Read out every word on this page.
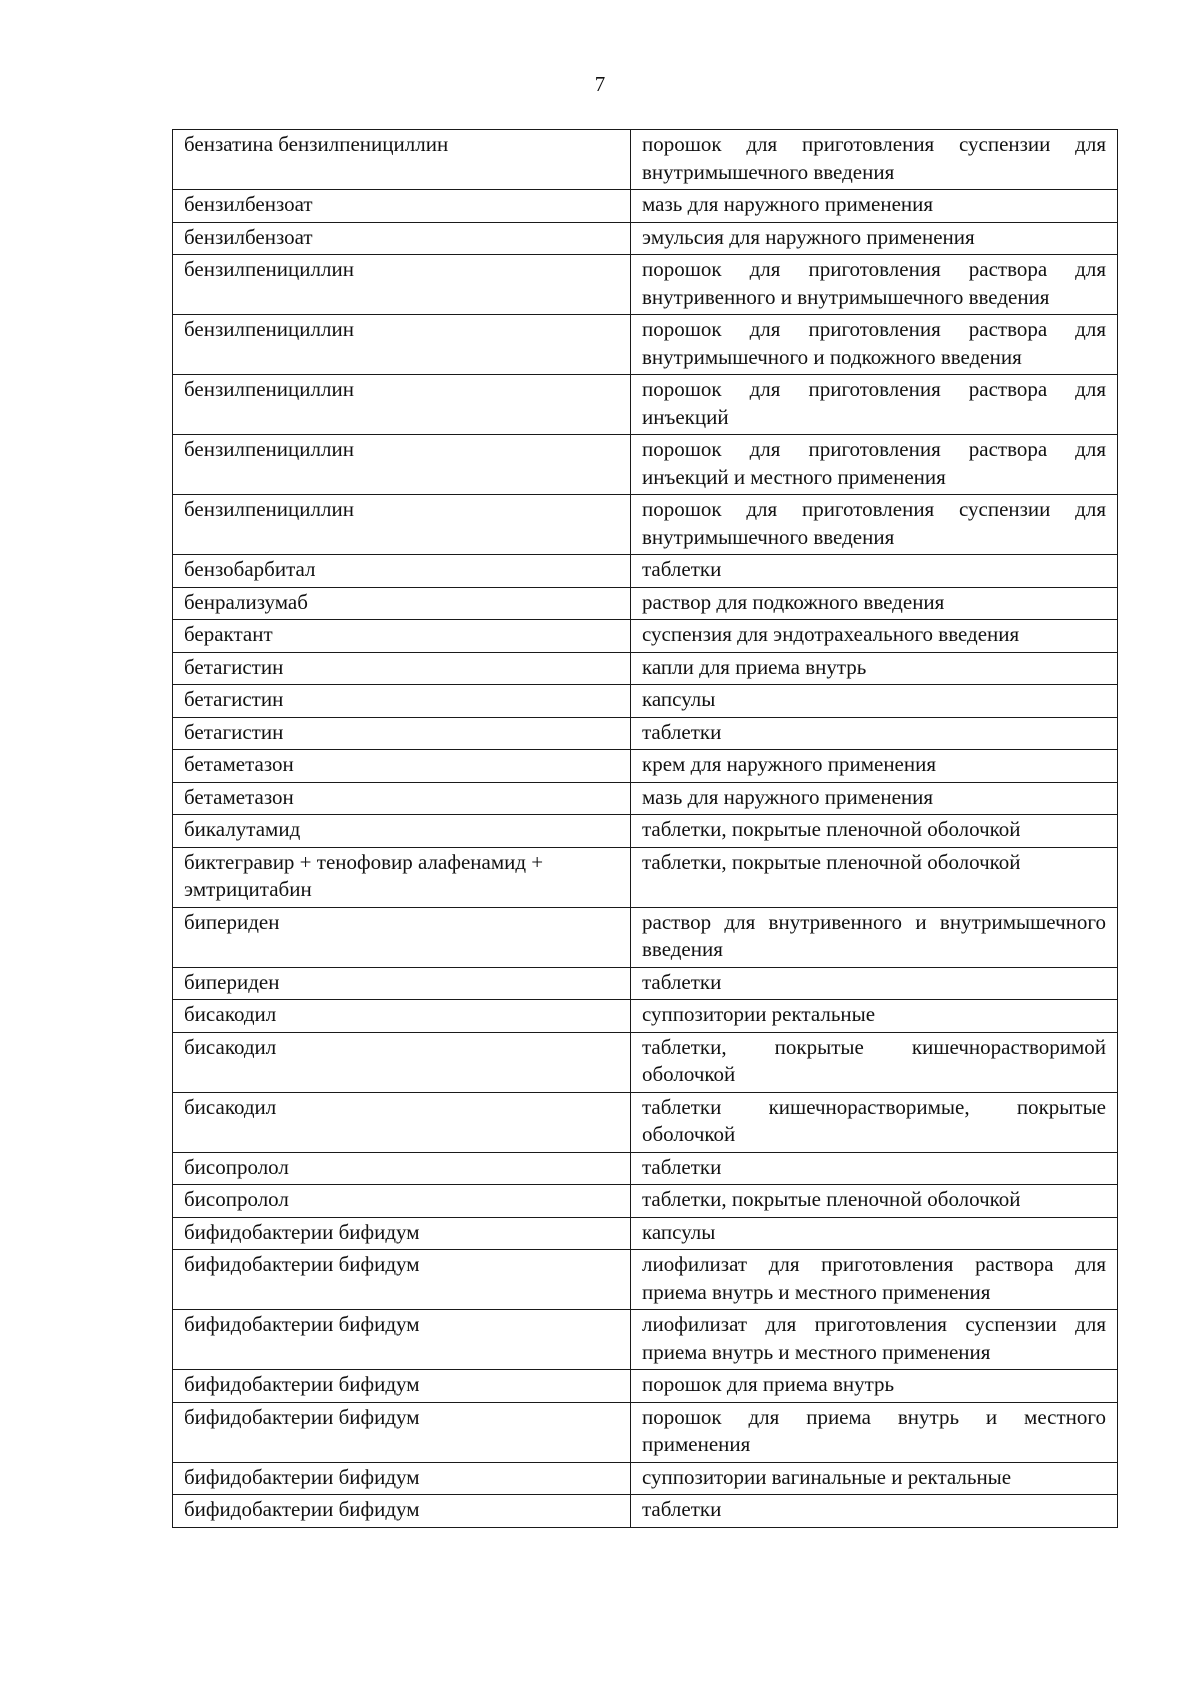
7
бензатина бензилпенициллин	порошок для приготовления суспензии для внутримышечного введения
бензилбензоат	мазь для наружного применения
бензилбензоат	эмульсия для наружного применения
бензилпенициллин	порошок для приготовления раствора для внутривенного и внутримышечного введения
бензилпенициллин	порошок для приготовления раствора для внутримышечного и подкожного введения
бензилпенициллин	порошок для приготовления раствора для инъекций
бензилпенициллин	порошок для приготовления раствора для инъекций и местного применения
бензилпенициллин	порошок для приготовления суспензии для внутримышечного введения
бензобарбитал	таблетки
бенрализумаб	раствор для подкожного введения
берактант	суспензия для эндотрахеального введения
бетагистин	капли для приема внутрь
бетагистин	капсулы
бетагистин	таблетки
бетаметазон	крем для наружного применения
бетаметазон	мазь для наружного применения
бикалутамид	таблетки, покрытые пленочной оболочкой
биктегравир + тенофовир алафенамид + эмтрицитабин	таблетки, покрытые пленочной оболочкой
бипериден	раствор для внутривенного и внутримышечного введения
бипериден	таблетки
бисакодил	суппозитории ректальные
бисакодил	таблетки, покрытые кишечнорастворимой оболочкой
бисакодил	таблетки кишечнорастворимые, покрытые оболочкой
бисопролол	таблетки
бисопролол	таблетки, покрытые пленочной оболочкой
бифидобактерии бифидум	капсулы
бифидобактерии бифидум	лиофилизат для приготовления раствора для приема внутрь и местного применения
бифидобактерии бифидум	лиофилизат для приготовления суспензии для приема внутрь и местного применения
бифидобактерии бифидум	порошок для приема внутрь
бифидобактерии бифидум	порошок для приема внутрь и местного применения
бифидобактерии бифидум	суппозитории вагинальные и ректальные
бифидобактерии бифидум	таблетки
